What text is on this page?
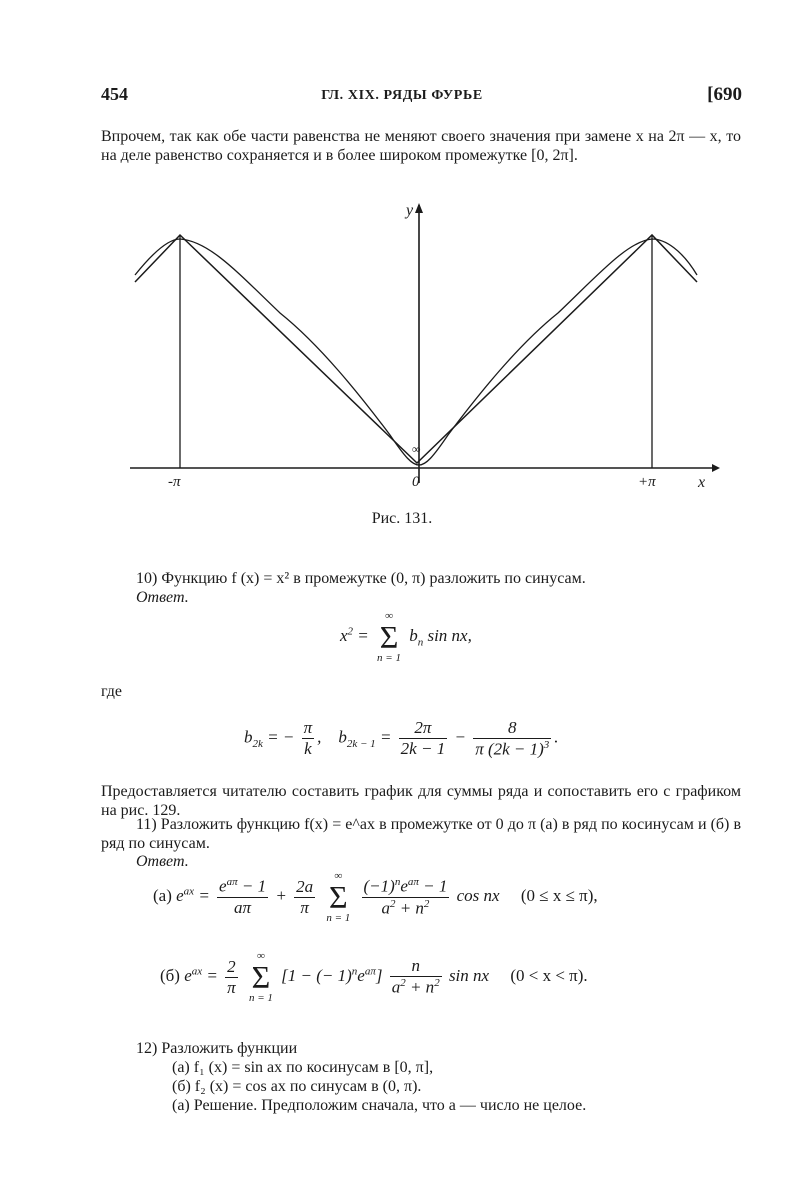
454	ГЛ. XIX. РЯДЫ ФУРЬЕ	[690
Впрочем, так как обе части равенства не меняют своего значения при замене x на 2π — x, то на деле равенство сохраняется и в более широком промежутке [0, 2π].
y
x
-π	0	+π
∞
Рис. 131.
10) Функцию f (x) = x² в промежутке (0, π) разложить по синусам.
Ответ.
$x^2$ =
∞
Σ
n = 1
$b_n$ sin nx,
где
$b_{2k}$ = − $\frac{\pi}{k}$ ,    $b_{2k - 1} = \frac{2\pi}{2k - 1} - \frac{8}{\pi (2k - 1)^3}$ .
Предоставляется читателю составить график для суммы ряда и сопоставить его с графиком на рис. 129.
11) Разложить функцию f(x) = e^ax в промежутке от 0 до π (а) в ряд по косинусам и (б) в ряд по синусам.
Ответ.
(а) $e^{ax} = \frac{e^{a\pi} - 1}{a\pi} + \frac{2a}{\pi}$

∞
Σ
n = 1
$\frac{(-1)^ne^{a\pi} - 1}{a^2 + n^2}$ cos nx     (0 ≤ x ≤ π),
(б) $e^{ax} = \frac{2}{\pi}$

∞
Σ
n = 1
[1 − (− $1)^ne^{a\pi}] \frac{n}{a^2 + n^2}$ sin nx     (0 < x < π).
12) Разложить функции
(а) f₁ (x) = sin ax по косинусам в [0, π],
(б) f₂ (x) = cos ax по синусам в (0, π).
(а) Решение. Предположим сначала, что a — число не целое.
